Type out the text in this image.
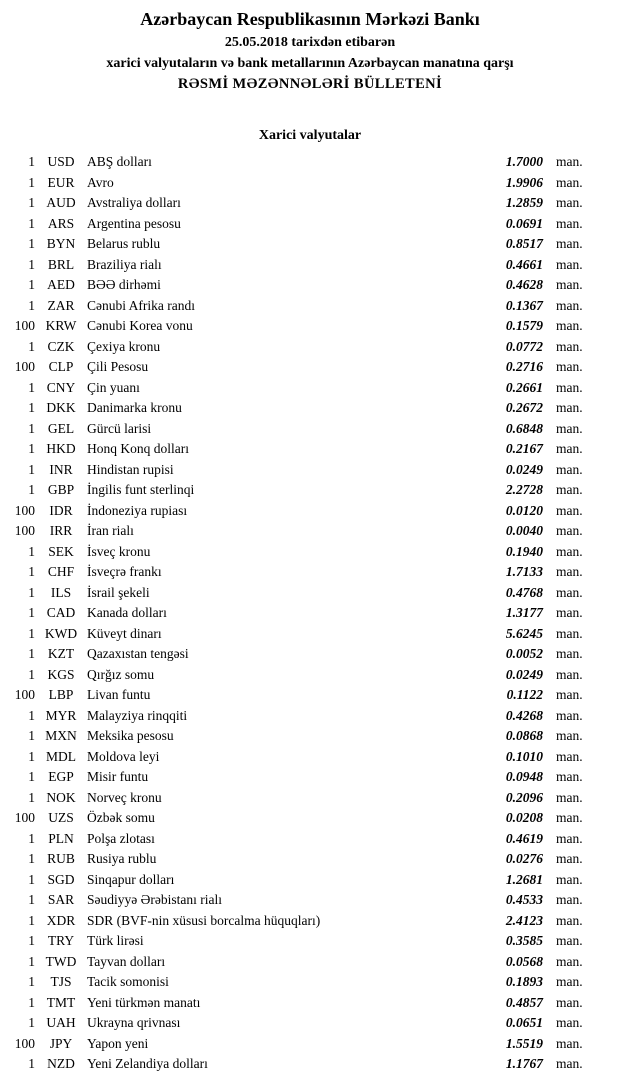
Azərbaycan Respublikasının Mərkəzi Bankı
25.05.2018 tarixdən etibarən
xarici valyutaların və bank metallarının Azərbaycan manatına qarşı
RƏSMİ MƏZƏNNƏLƏRİ BÜLLETENİ
Xarici valyutalar
1 USD ABŞ dolları	1.7000 man.
1 EUR Avro	1.9906 man.
1 AUD Avstraliya dolları	1.2859 man.
1 ARS Argentina pesosu	0.0691 man.
1 BYN Belarus rublu	0.8517 man.
1 BRL Braziliya rialı	0.4661 man.
1 AED BƏƏ dirhəmi	0.4628 man.
1 ZAR Cənubi Afrika randı	0.1367 man.
100 KRW Cənubi Korea vonu	0.1579 man.
1 CZK Çexiya kronu	0.0772 man.
100	CLP	Çili Pesosu	0.2716 man.
1 CNY Çin yuanı	0.2661 man.
1 DKK Danimarka kronu	0.2672 man.
1 GEL Gürcü larisi	0.6848 man.
1 HKD Honq Konq dolları	0.2167 man.
1	INR	Hindistan rupisi	0.0249 man.
1 GBP İngilis funt sterlinqi	2.2728 man.
100	IDR	İndoneziya rupiası	0.0120 man.
100	IRR	İran rialı	0.0040 man.
1 SEK İsveç kronu	0.1940 man.
1 CHF İsveçrə frankı	1.7133 man.
1	ILS	İsrail şekeli	0.4768 man.
1 CAD Kanada dolları	1.3177 man.
1 KWD Küveyt dinarı	5.6245 man.
1 KZT Qazaxıstan tengəsi	0.0052 man.
1 KGS Qırğız somu	0.0249 man.
100	LBP	Livan funtu	0.1122 man.
1 MYR Malayziya rinqqiti	0.4268 man.
1 MXN Meksika pesosu	0.0868 man.
1 MDL Moldova leyi	0.1010 man.
1 EGP Misir funtu	0.0948 man.
1 NOK Norveç kronu	0.2096 man.
100 UZS Özbək somu	0.0208 man.
1 PLN Polşa zlotası	0.4619 man.
1 RUB Rusiya rublu	0.0276 man.
1 SGD Sinqapur dolları	1.2681 man.
1 SAR Səudiyyə Ərəbistanı rialı	0.4533 man.
1 XDR SDR (BVF-nin xüsusi borcalma hüquqları)	2.4123 man.
1 TRY Türk lirəsi	0.3585 man.
1 TWD Tayvan dolları	0.0568 man.
1	TJS	Tacik somonisi	0.1893 man.
1 TMT Yeni türkmən manatı	0.4857 man.
1 UAH Ukrayna qrivnası	0.0651 man.
100	JPY	Yapon yeni	1.5519 man.
1 NZD Yeni Zelandiya dolları	1.1767 man.
